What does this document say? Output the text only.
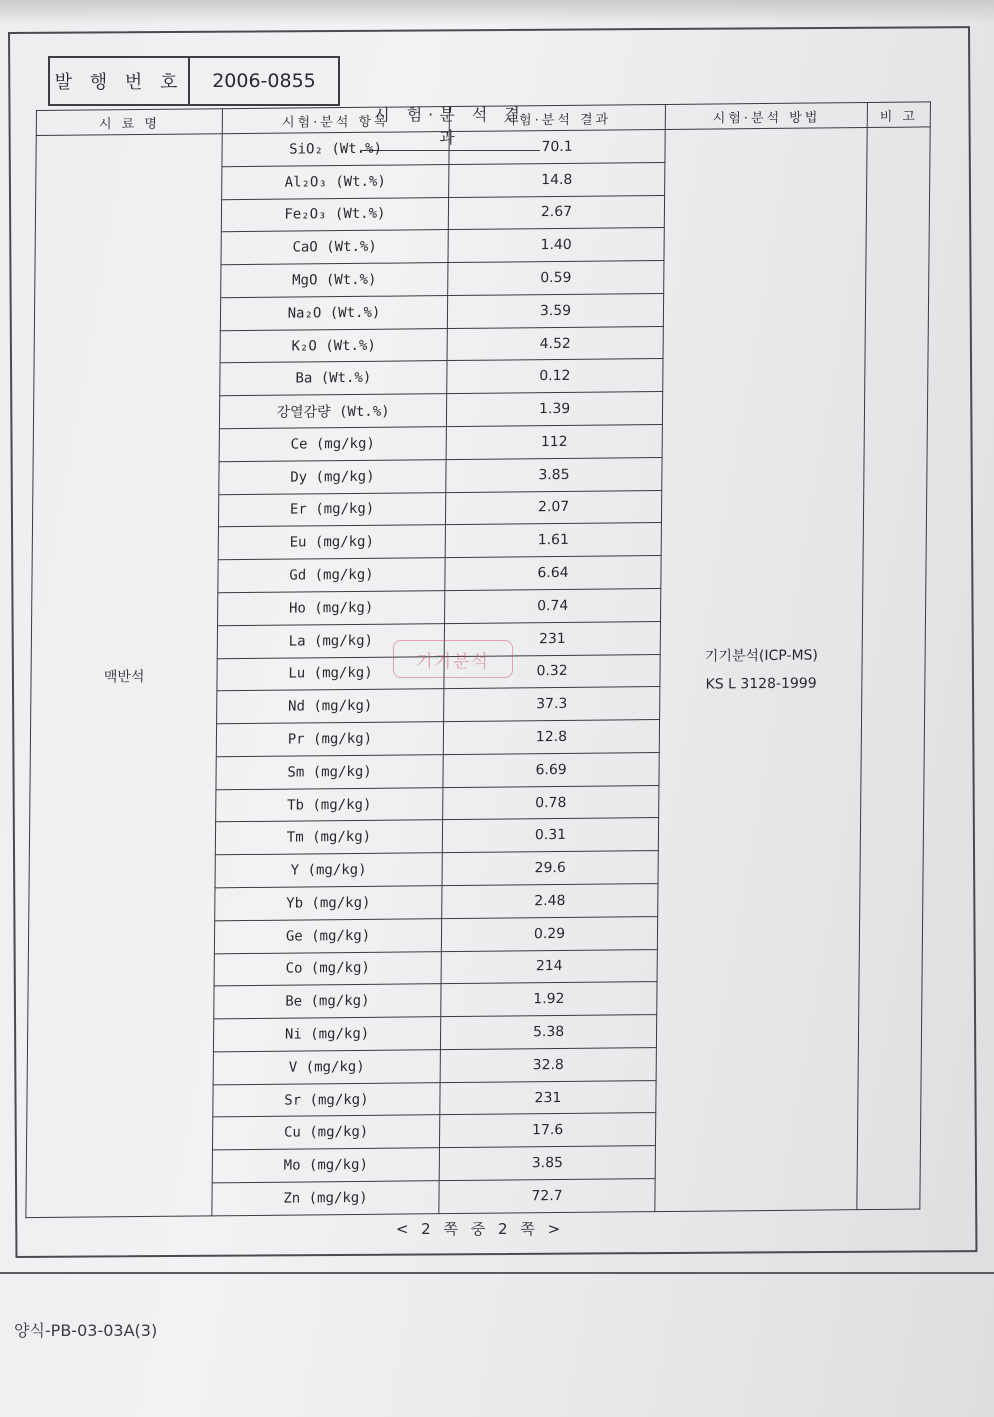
발 행 번 호	2006-0855
시 험·분 석 결 과
시 료 명	시험·분석 항목	시험·분석 결과	시험·분석 방법	비 고
맥반석	SiO₂ (Wt.%)	70.1	기기분석(ICP-MS)
KS L 3128-1999	

	Al₂O₃ (Wt.%)	14.8		
	Fe₂O₃ (Wt.%)	2.67		
	CaO (Wt.%)	1.40		
	MgO (Wt.%)	0.59		
	Na₂O (Wt.%)	3.59		
	K₂O (Wt.%)	4.52		
	Ba (Wt.%)	0.12		
	강열감량 (Wt.%)	1.39		
	Ce (mg/kg)	112		
	Dy (mg/kg)	3.85		
	Er (mg/kg)	2.07		
	Eu (mg/kg)	1.61		
	Gd (mg/kg)	6.64		
	Ho (mg/kg)	0.74		
	La (mg/kg)	231		
	Lu (mg/kg)	0.32		
	Nd (mg/kg)	37.3		
	Pr (mg/kg)	12.8		
	Sm (mg/kg)	6.69		
	Tb (mg/kg)	0.78		
	Tm (mg/kg)	0.31		
	Y (mg/kg)	29.6		
	Yb (mg/kg)	2.48		
	Ge (mg/kg)	0.29		
	Co (mg/kg)	214		
	Be (mg/kg)	1.92		
	Ni (mg/kg)	5.38		
	V (mg/kg)	32.8		
	Sr (mg/kg)	231		
	Cu (mg/kg)	17.6		
	Mo (mg/kg)	3.85		
	Zn (mg/kg)	72.7		
기기분석
< 2 쪽 중 2 쪽 >
양식-PB-03-03A(3)
